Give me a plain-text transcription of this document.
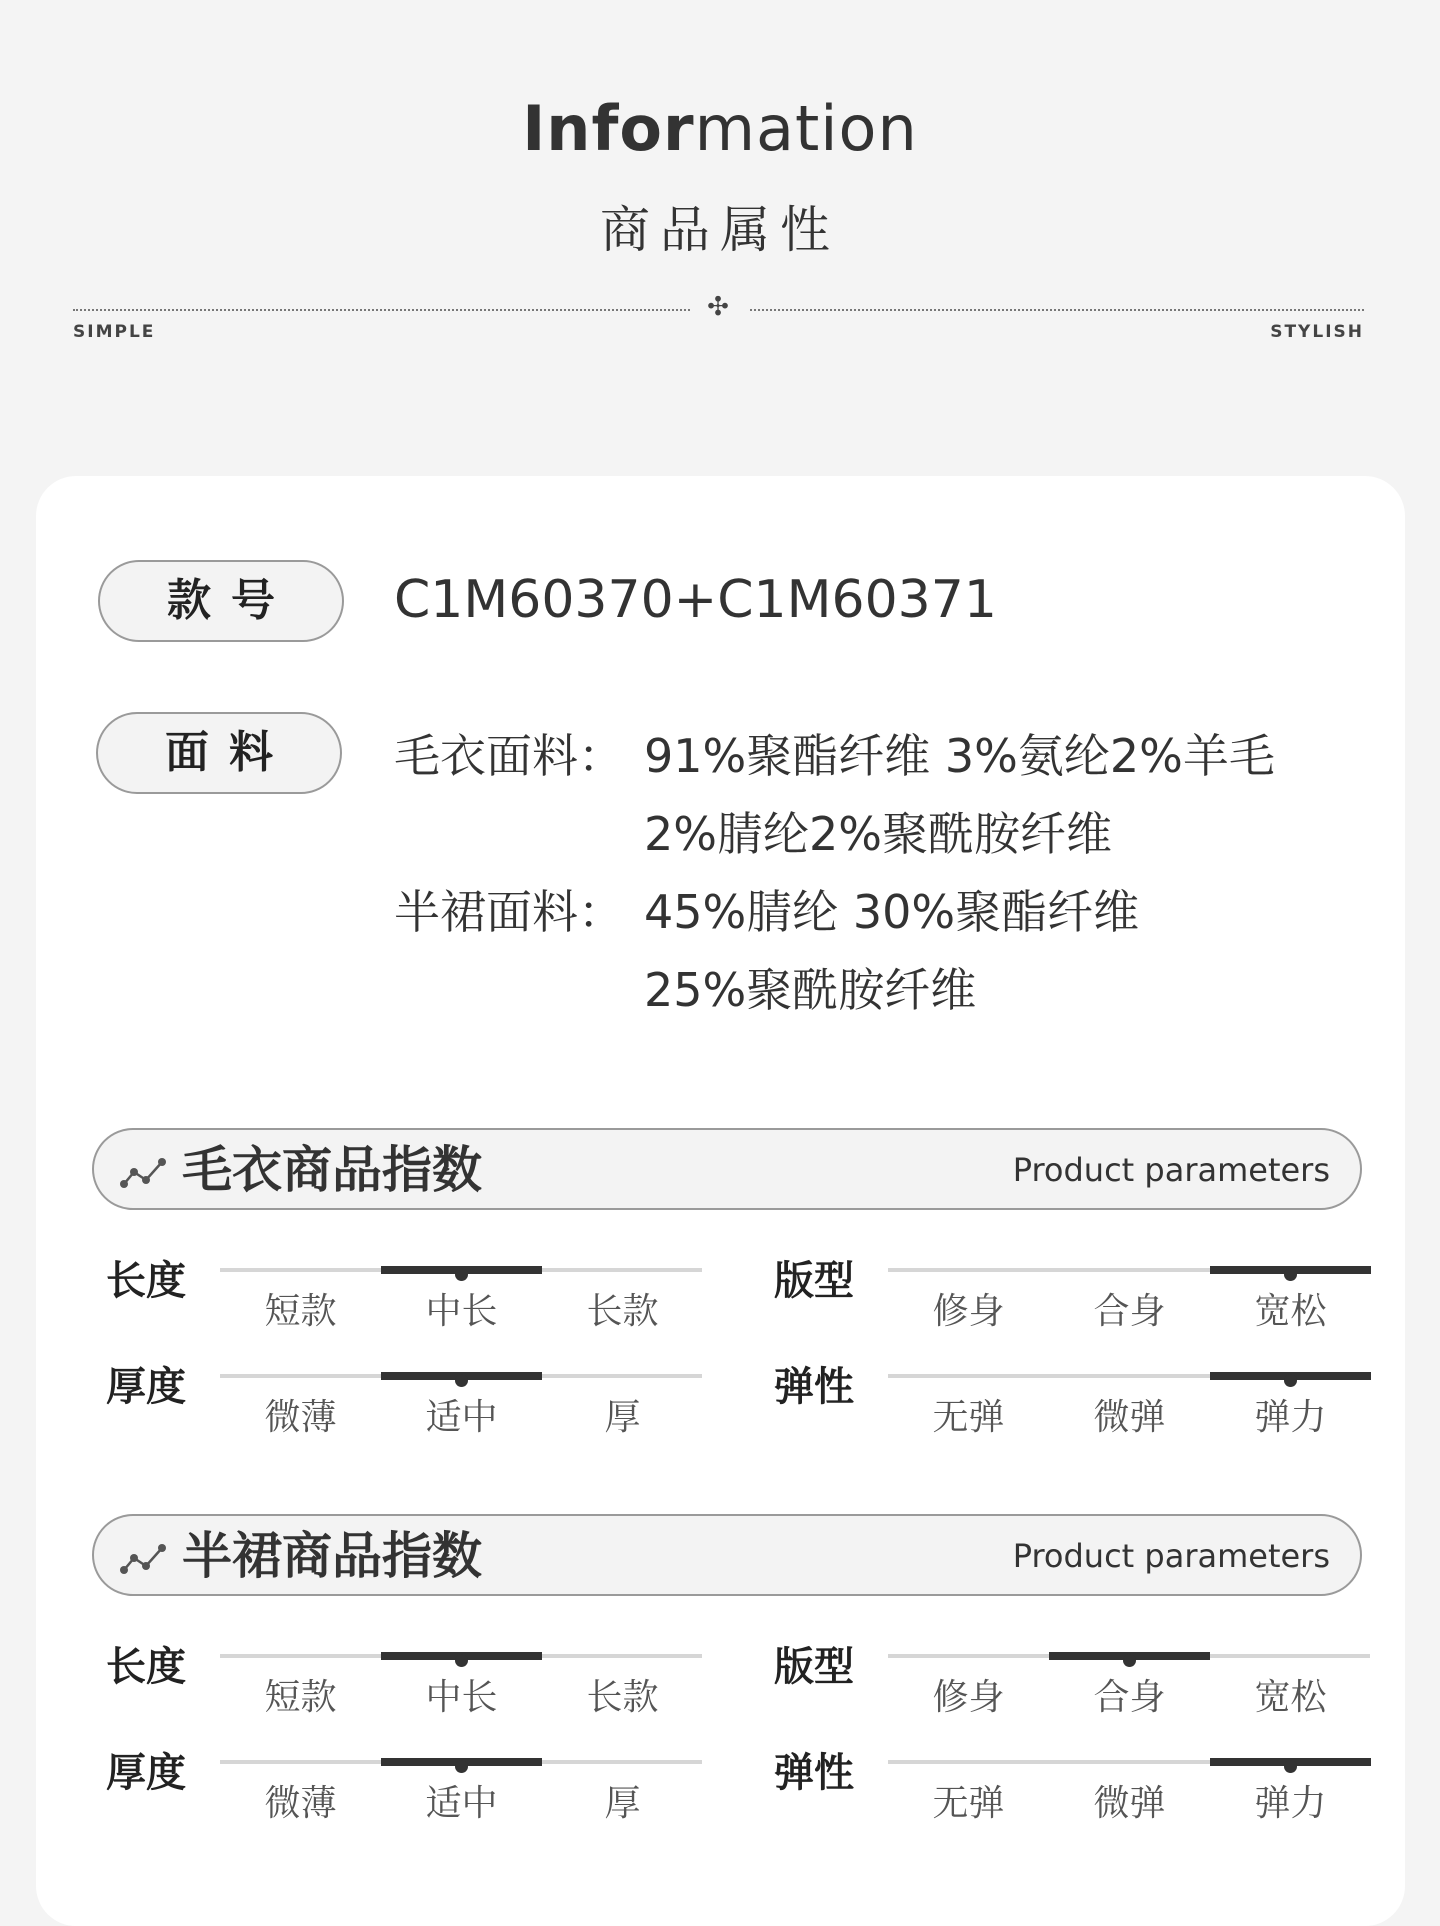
Information
商品属性
✣
SIMPLE	STYLISH
款号	C1M60370+C1M60371
面料	毛衣面料： 91%聚酯纤维 3%氨纶2%羊毛
2%腈纶2%聚酰胺纤维
半裙面料： 45%腈纶 30%聚酯纤维
25%聚酰胺纤维
毛衣商品指数	Product parameters
长度
短款	中长	长款
版型
修身	合身	宽松
厚度
微薄	适中	厚
弹性
无弹	微弹	弹力
半裙商品指数	Product parameters
长度
短款	中长	长款
版型
修身	合身	宽松
厚度
微薄	适中	厚
弹性
无弹	微弹	弹力
